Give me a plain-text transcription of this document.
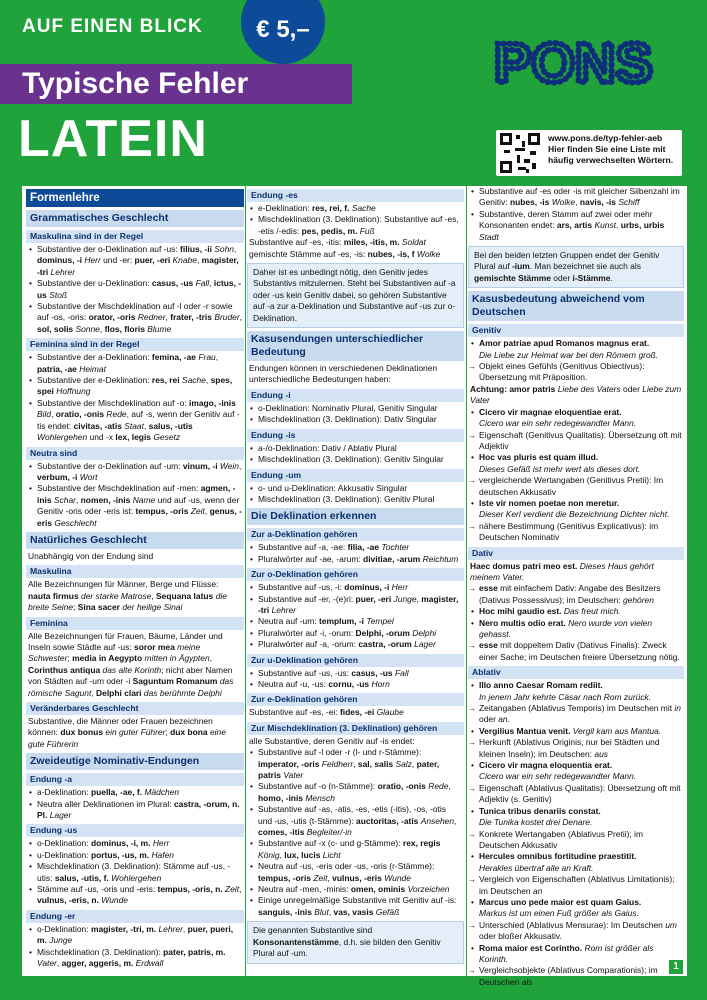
AUF EINEN BLICK	€ 5,–
Typische Fehler
LATEIN
PONS
www.pons.de/typ-fehler-aeb
Hier finden Sie eine Liste mit häufig verwechselten Wörtern.
Formenlehre
Grammatisches Geschlecht
Maskulina sind in der Regel
• Substantive der o-Deklination auf -us: filius, -ii Sohn, dominus, -i Herr und -er: puer, -eri Knabe, magister, -tri Lehrer
• Substantive der u-Deklination: casus, -us Fall, ictus, -us Stoß
• Substantive der Mischdeklination auf -l oder -r sowie auf -os, -oris: orator, -oris Redner, frater, -tris Bruder, sol, solis Sonne, flos, floris Blume
Feminina sind in der Regel
• Substantive der a-Deklination: femina, -ae Frau, patria, -ae Heimat
• Substantive der e-Deklination: res, rei Sache, spes, spei Hoffnung
• Substantive der Mischdeklination auf -o: imago, -inis Bild, oratio, -onis Rede, auf -s, wenn der Genitiv auf -tis endet: civitas, -atis Staat, salus, -utis Wohlergehen und -x lex, legis Gesetz
Neutra sind
• Substantive der o-Deklination auf -um: vinum, -i Wein, verbum, -i Wort
• Substantive der Mischdeklination auf -men: agmen, -inis Schar, nomen, -inis Name und auf -us, wenn der Genitiv -oris oder -eris ist: tempus, -oris Zeit, genus, -eris Geschlecht
Natürliches Geschlecht
Unabhängig von der Endung sind
Maskulina
Alle Bezeichnungen für Männer, Berge und Flüsse: nauta firmus der starke Matrose, Sequana latus die breite Seine; Sina sacer der heilige Sinai
Feminina
Alle Bezeichnungen für Frauen, Bäume, Länder und Inseln sowie Städte auf -us: soror mea meine Schwester; media in Aegypto mitten in Ägypten, Corinthus antiqua das alte Korinth; nicht aber Namen von Städten auf -um oder -i Saguntum Romanum das römische Sagunt, Delphi clari das berühmte Delphi
Veränderbares Geschlecht
Substantive, die Männer oder Frauen bezeichnen können: dux bonus ein guter Führer; dux bona eine gute Führerin
Zweideutige Nominativ-Endungen
Endung -a
• a-Deklination: puella, -ae, f. Mädchen
• Neutra aller Deklinationen im Plural: castra, -orum, n. Pl. Lager
Endung -us
• o-Deklination: dominus, -i, m. Herr
• u-Deklination: portus, -us, m. Hafen
• Mischdeklination (3. Deklination): Stämme auf -us, -utis: salus, -utis, f. Wohlergehen
• Stämme auf -us, -oris und -eris: tempus, -oris, n. Zeit, vulnus, -eris, n. Wunde
Endung -er
• o-Deklination: magister, -tri, m. Lehrer, puer, pueri, m. Junge
• Mischdeklination (3. Deklination): pater, patris, m. Vater, agger, aggeris, m. Erdwall
Endung -es
• e-Deklination: res, rei, f. Sache
• Mischdeklination (3. Deklination): Substantive auf -es, -etis /-edis: pes, pedis, m. Fuß
Substantive auf -es, -itis: miles, -itis, m. Soldat gemischte Stämme auf -es, -is: nubes, -is, f Wolke
Daher ist es unbedingt nötig, den Genitiv jedes Substantivs mitzulernen. Steht bei Substantiven auf -a oder -us kein Genitiv dabei, so gehören Substantive auf -a zur a-Deklination und Substantive auf -us zur o-Deklination.
Kasusendungen unterschiedlicher Bedeutung
Endungen können in verschiedenen Deklinationen unterschiedliche Bedeutungen haben:
Endung -i
• o-Deklination: Nominativ Plural, Genitiv Singular
• Mischdeklination (3. Deklination): Dativ Singular
Endung -is
• a-/o-Deklination: Dativ / Ablativ Plural
• Mischdeklination (3. Deklination): Genitiv Singular
Endung -um
• o- und u-Deklination: Akkusativ Singular
• Mischdeklination (3. Deklination): Genitiv Plural
Die Deklination erkennen
Zur a-Deklination gehören
• Substantive auf -a, -ae: filia, -ae Tochter
• Pluralwörter auf -ae, -arum: divitiae, -arum Reichtum
Zur o-Deklination gehören
• Substantive auf -us, -i: dominus, -i Herr
• Substantive auf -er, -(e)ri: puer, -eri Junge, magister, -tri Lehrer
• Neutra auf -um: templum, -i Tempel
• Pluralwörter auf -i, -orum: Delphi, -orum Delphi
• Pluralwörter auf -a, -orum: castra, -orum Lager
Zur u-Deklination gehören
• Substantive auf -us, -us: casus, -us Fall
• Neutra auf -u, -us: cornu, -us Horn
Zur e-Deklination gehören
Substantive auf -es, -ei: fides, -ei Glaube
Zur Mischdeklination (3. Deklination) gehören
alle Substantive, deren Genitiv auf -is endet:
• Substantive auf -l oder -r (l- und r-Stämme): imperator, -oris Feldherr, sal, salis Salz, pater, patris Vater
• Substantive auf -o (n-Stämme): oratio, -onis Rede, homo, -inis Mensch
• Substantive auf -as, -atis, -es, -etis (-itis), -os, -otis und -us, -utis (t-Stämme): auctoritas, -atis Ansehen, comes, -itis Begleiter/-in
• Substantive auf -x (c- und g-Stämme): rex, regis König, lux, lucis Licht
• Neutra auf -us, -eris oder -us, -oris (r-Stämme): tempus, -oris Zeit, vulnus, -eris Wunde
• Neutra auf -men, -minis: omen, ominis Vorzeichen
• Einige unregelmäßige Substantive mit Genitiv auf -is: sanguis, -inis Blut, vas, vasis Gefäß
Die genannten Substantive sind Konsonantenstämme, d.h. sie bilden den Genitiv Plural auf -um.
• Substantive auf -es oder -is mit gleicher Silbenzahl im Genitiv: nubes, -is Wolke, navis, -is Schiff
• Substantive, deren Stamm auf zwei oder mehr Konsonanten endet: ars, artis Kunst, urbs, urbis Stadt
Bei den beiden letzten Gruppen endet der Genitiv Plural auf -ium. Man bezeichnet sie auch als gemischte Stämme oder i-Stämme.
Kasusbedeutung abweichend vom Deutschen
Genitiv
• Amor patriae apud Romanos magnus erat.
Die Liebe zur Heimat war bei den Römern groß.
→ Objekt eines Gefühls (Genitivus Obiectivus): Übersetzung mit Präposition.
Achtung: amor patris Liebe des Vaters oder Liebe zum Vater
• Cicero vir magnae eloquentiae erat.
Cicero war ein sehr redegewandter Mann.
→ Eigenschaft (Genitivus Qualitatis): Übersetzung oft mit Adjektiv
• Hoc vas pluris est quam illud.
Dieses Gefäß ist mehr wert als dieses dort.
→ vergleichende Wertangaben (Genitivus Pretii): Im deutschen Akkusativ
• Iste vir nomen poetae non meretur.
Dieser Kerl verdient die Bezeichnung Dichter nicht.
→ nähere Bestimmung (Genitivus Explicativus): im Deutschen Nominativ
Dativ
Haec domus patri meo est. Dieses Haus gehört meinem Vater.
→ esse mit einfachem Dativ: Angabe des Besitzers (Dativus Possessivus); im Deutschen: gehören
• Hoc mihi gaudio est. Das freut mich.
• Nero multis odio erat. Nero wurde von vielen gehasst.
→ esse mit doppeltem Dativ (Dativus Finalis): Zweck einer Sache; im Deutschen freiere Übersetzung nötig.
Ablativ
• Illo anno Caesar Romam rediit.
In jenem Jahr kehrte Cäsar nach Rom zurück.
→ Zeitangaben (Ablativus Temporis) im Deutschen mit in oder an.
• Vergilius Mantua venit. Vergil kam aus Mantua.
→ Herkunft (Ablativus Originis, nur bei Städten und kleinen Inseln); im Deutschen: aus
• Cicero vir magna eloquentia erat.
Cicero war ein sehr redegewandter Mann.
→ Eigenschaft (Ablativus Qualitatis): Übersetzung oft mit Adjektiv (s. Genitiv)
• Tunica tribus denariis constat.
Die Tunika kostet drei Denare.
→ Konkrete Wertangaben (Ablativus Pretii); im Deutschen Akkusativ
• Hercules omnibus fortitudine praestitit.
Herakles übertraf alle an Kraft.
→ Vergleich von Eigenschaften (Ablativus Limitationis); im Deutschen an
• Marcus uno pede maior est quam Gaius.
Markus ist um einen Fuß größer als Gaius.
→ Unterschied (Ablativus Mensurae): Im Deutschen um oder bloßer Akkusativ.
• Roma maior est Corintho. Rom ist größer als Korinth.
→ Vergleichsobjekte (Ablativus Comparationis); im Deutschen als
1
